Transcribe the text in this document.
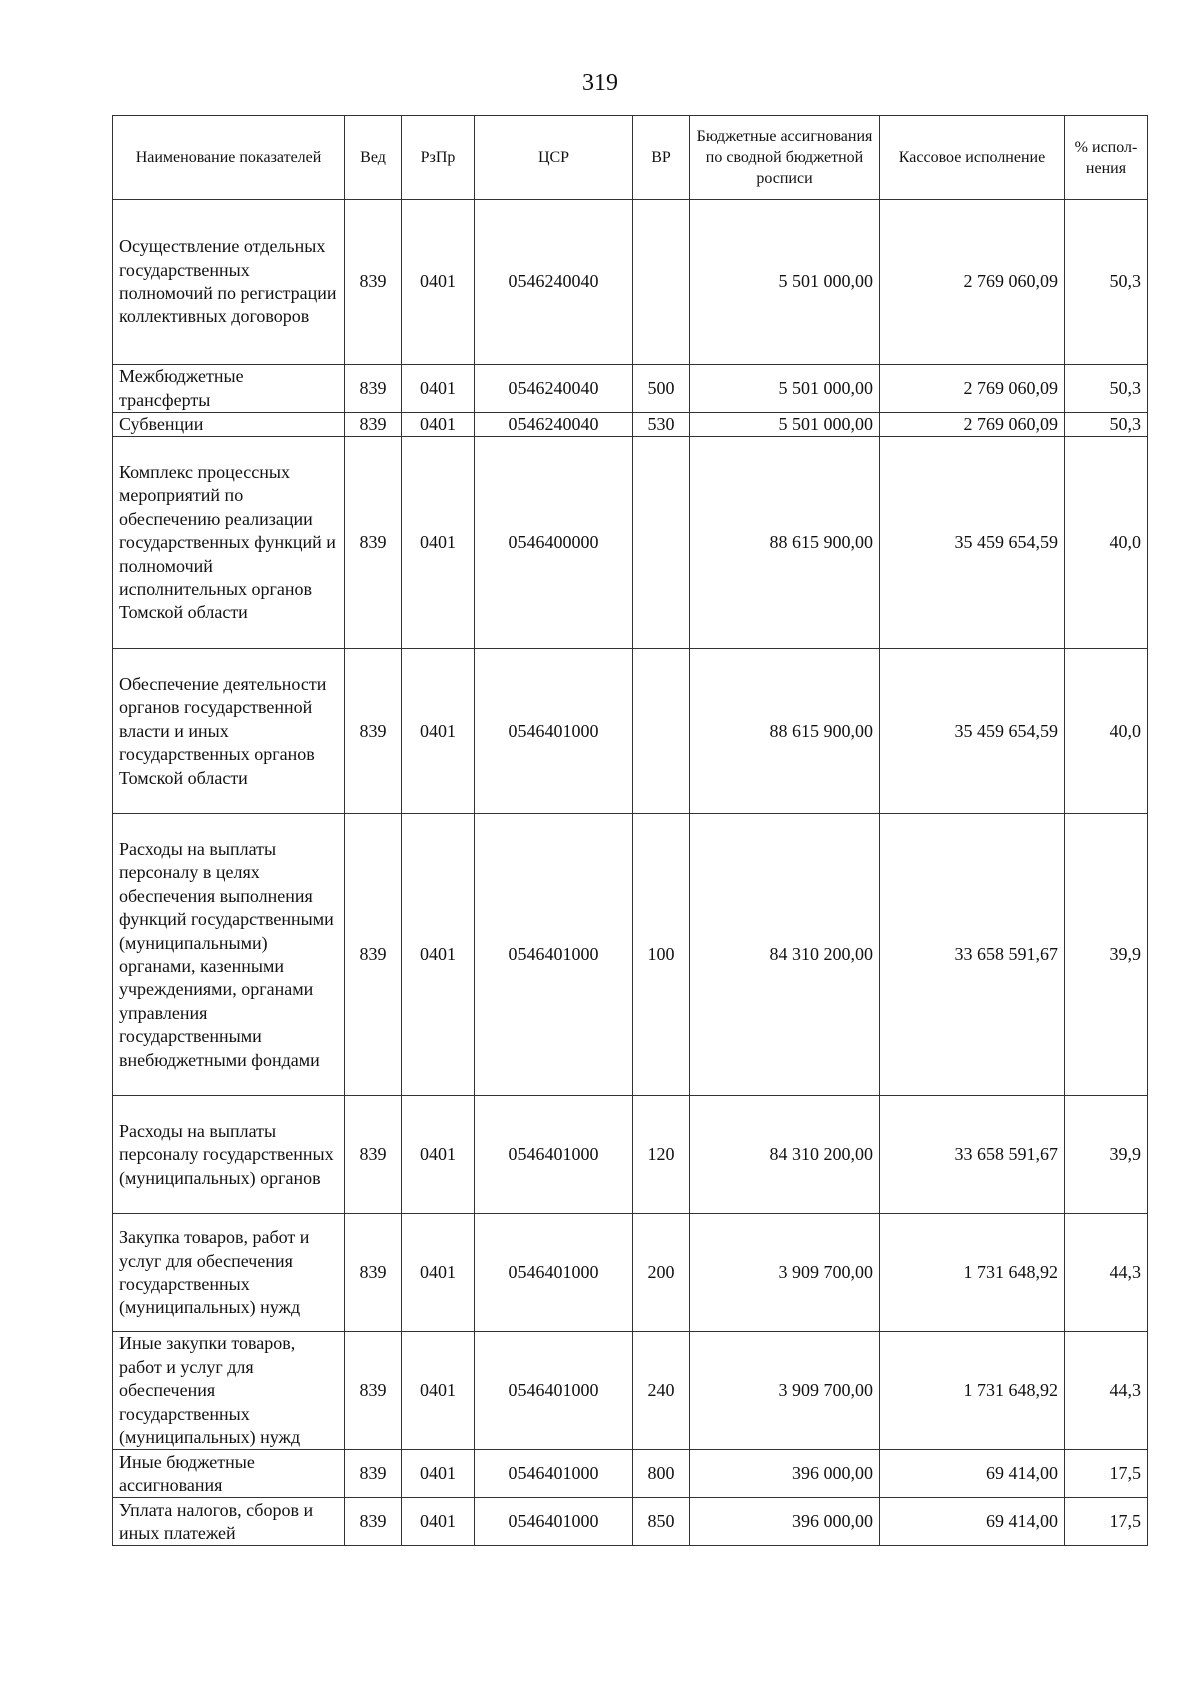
319
Наименование показателей	Вед	РзПр	ЦСР	ВР	Бюджетные ассигнования по сводной бюджетной росписи	Кассовое исполнение	% испол-нения
Осуществление отдельных государственных полномочий по регистрации коллективных договоров	839	0401	0546240040		5 501 000,00	2 769 060,09	50,3
Межбюджетные трансферты	839	0401	0546240040	500	5 501 000,00	2 769 060,09	50,3
Субвенции	839	0401	0546240040	530	5 501 000,00	2 769 060,09	50,3
Комплекс процессных мероприятий по обеспечению реализации государственных функций и полномочий исполнительных органов Томской области	839	0401	0546400000		88 615 900,00	35 459 654,59	40,0
Обеспечение деятельности органов государственной власти и иных государственных органов Томской области	839	0401	0546401000		88 615 900,00	35 459 654,59	40,0
Расходы на выплаты персоналу в целях обеспечения выполнения функций государственными (муниципальными) органами, казенными учреждениями, органами управления государственными внебюджетными фондами	839	0401	0546401000	100	84 310 200,00	33 658 591,67	39,9
Расходы на выплаты персоналу государственных (муниципальных) органов	839	0401	0546401000	120	84 310 200,00	33 658 591,67	39,9
Закупка товаров, работ и услуг для обеспечения государственных (муниципальных) нужд	839	0401	0546401000	200	3 909 700,00	1 731 648,92	44,3
Иные закупки товаров, работ и услуг для обеспечения государственных (муниципальных) нужд	839	0401	0546401000	240	3 909 700,00	1 731 648,92	44,3
Иные бюджетные ассигнования	839	0401	0546401000	800	396 000,00	69 414,00	17,5
Уплата налогов, сборов и иных платежей	839	0401	0546401000	850	396 000,00	69 414,00	17,5
